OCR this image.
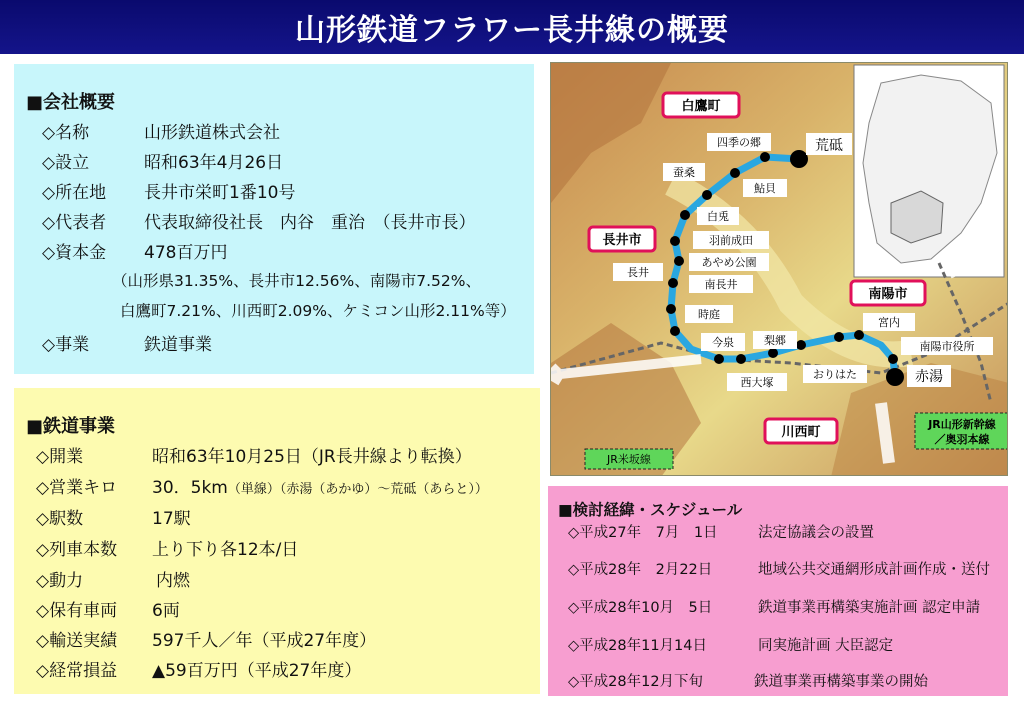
山形鉄道フラワー長井線の概要
■会社概要
◇名称	山形鉄道株式会社
◇設立	昭和63年4月26日
◇所在地 長井市栄町1番10号
◇代表者 代表取締役社長　内谷　重治　（長井市長）
◇資本金 478百万円
（山形県31.35%、長井市12.56%、南陽市7.52%、
白鷹町7.21%、川西町2.09%、ケミコン山形2.11%等）
◇事業	鉄道事業
■鉄道事業
◇開業	昭和63年10月25日（JR長井線より転換）
◇営業キロ 30．5km（単線）（赤湯（あかゆ）～荒砥（あらと））
◇駅数	17駅
◇列車本数 上り下り各12本/日
◇動力	内燃
◇保有車両 6両
◇輸送実績 597千人／年（平成27年度）
◇経常損益 ▲59百万円（平成27年度）
四季の郷	荒砥
蚕桑
鮎貝
白兎
羽前成田
あやめ公園
長井
南長井
時庭
今泉	梨郷
西大塚
おりはた
宮内
南陽市役所
赤湯
白鷹町
長井市
南陽市
川西町
JR米坂線
JR山形新幹線
／奥羽本線
■検討経緯・スケジュール
◇平成27年　7月　1日	法定協議会の設置
◇平成28年　2月22日	地域公共交通網形成計画作成・送付
◇平成28年10月　5日	鉄道事業再構築実施計画 認定申請
◇平成28年11月14日	同実施計画 大臣認定
◇平成28年12月下旬	鉄道事業再構築事業の開始
